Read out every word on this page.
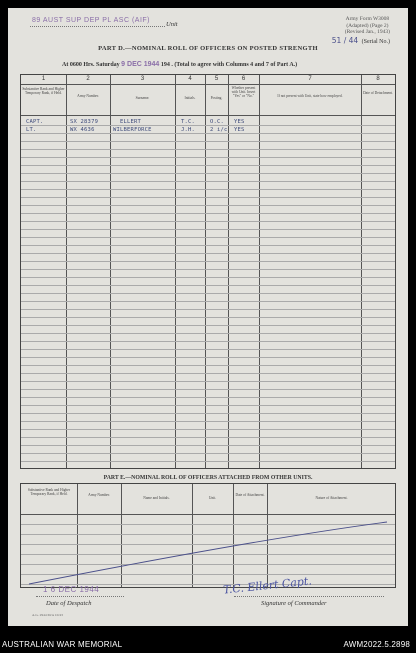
89 AUST SUP DEP PL ASC (AIF)
Unit
Army Form W3008
(Adapted) (Page 2)
(Revised Jan., 1943)
51 / 44 (Serial No.)
PART D.—NOMINAL ROLL OF OFFICERS ON POSTED STRENGTH
At 0600 Hrs. Saturday 9 DEC 1944 194 . (Total to agree with Columns 4 and 7 of Part A.)
1	2	3	4	5	6	7	8
Substantive Rank and Higher Temporary Rank, if Held.
Army Number.	Surname.	Initials.	Posting.
Whether present with Unit. Insert "Yes" or "No."	If not present with Unit, state how employed.
Date of Detachment.
CAPT.	SX 28379	ELLERT	T.C.	O.C. YES
LT.	WX 4636	WILBERFORCE	J.H.	2 i/c YES
PART E.—NOMINAL ROLL OF OFFICERS ATTACHED FROM OTHER UNITS.
Substantive Rank and Higher Temporary Rank, if Held.	Army Number.
Name and Initials.	Unit.
Date of Attachment.
Nature of Attachment.
1 6 DEC 1944
Date of Despatch
T.C. Ellert Capt.
Signature of Commander
A.G. 2944 M/A 10/43
AUSTRALIAN WAR MEMORIAL	AWM2022.5.2898
